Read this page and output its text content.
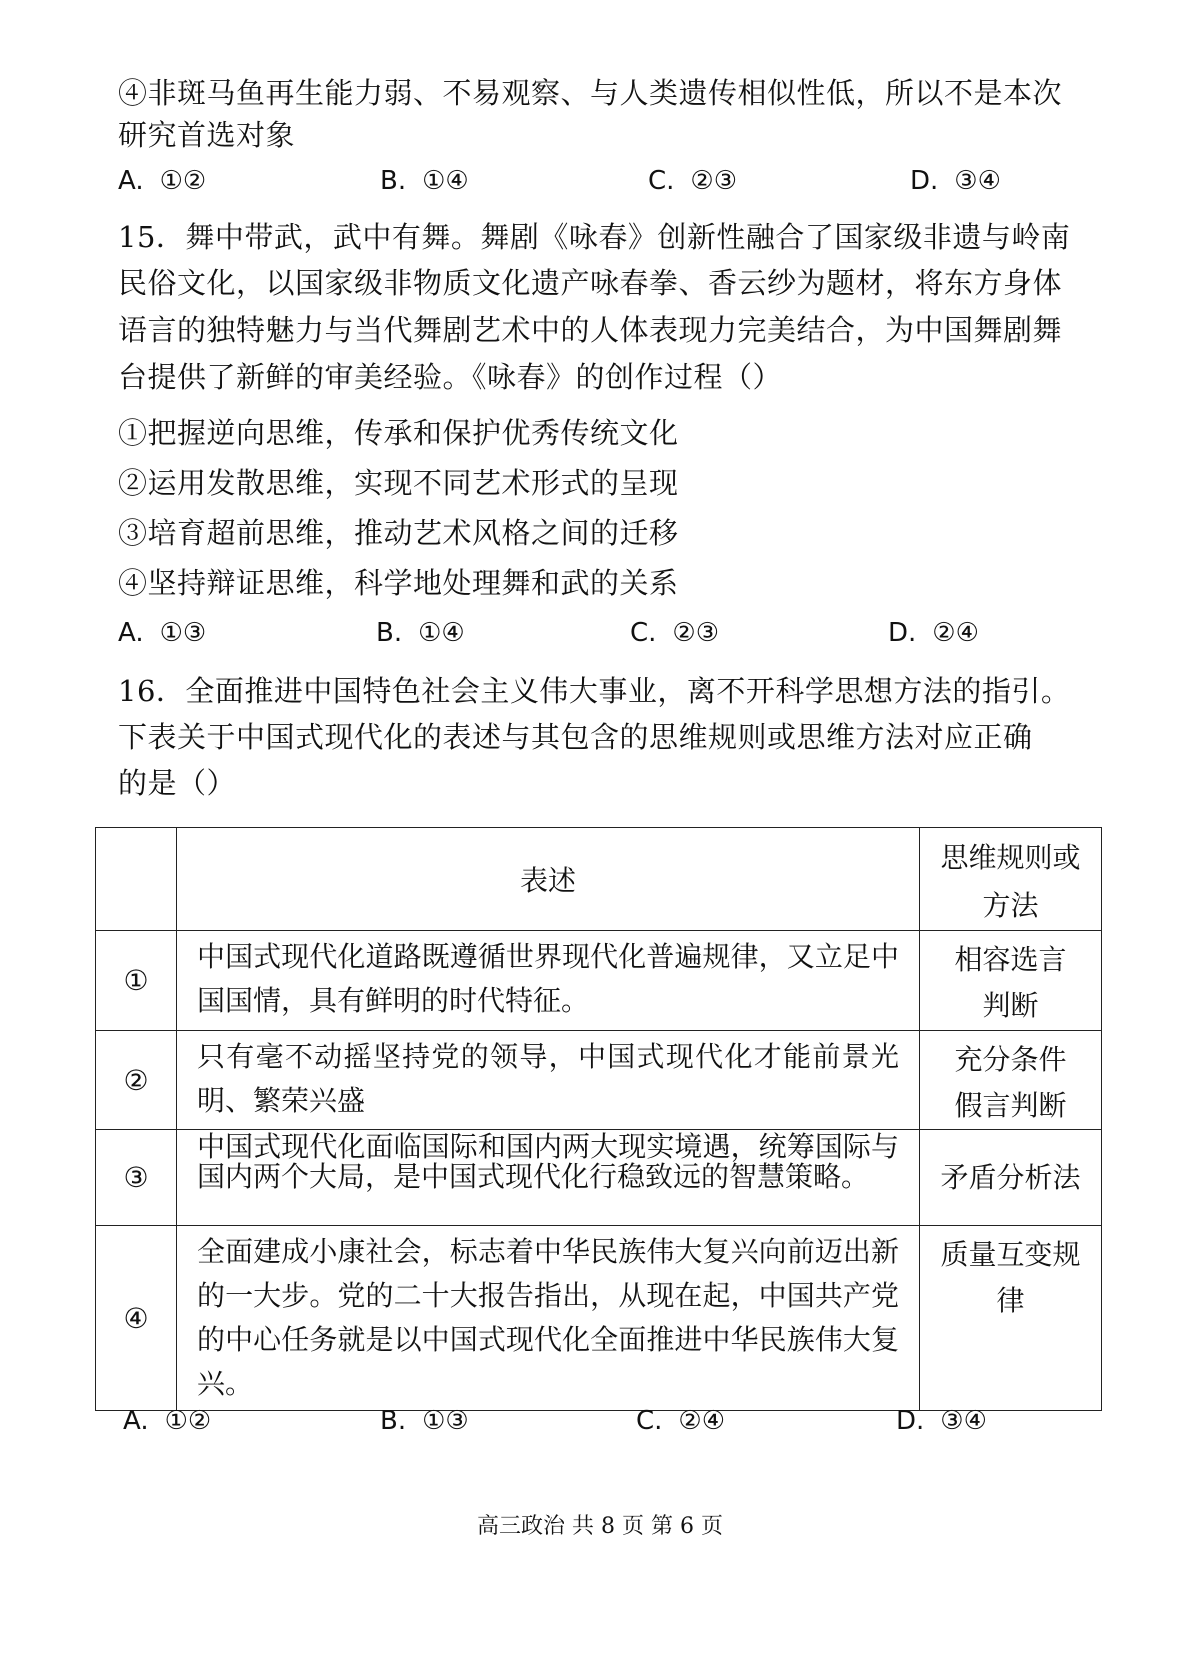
④非斑马鱼再生能力弱、不易观察、与人类遗传相似性低，所以不是本次
研究首选对象
A. ①②	B. ①④	C. ②③	D. ③④
15．舞中带武，武中有舞。舞剧《咏春》创新性融合了国家级非遗与岭南
民俗文化，以国家级非物质文化遗产咏春拳、香云纱为题材，将东方身体
语言的独特魅力与当代舞剧艺术中的人体表现力完美结合，为中国舞剧舞
台提供了新鲜的审美经验。《咏春》的创作过程（）
①把握逆向思维，传承和保护优秀传统文化
②运用发散思维，实现不同艺术形式的呈现
③培育超前思维，推动艺术风格之间的迁移
④坚持辩证思维，科学地处理舞和武的关系
A. ①③	B. ①④	C. ②③	D. ②④
16．全面推进中国特色社会主义伟大事业，离不开科学思想方法的指引。
下表关于中国式现代化的表述与其包含的思维规则或思维方法对应正确
的是（）
	表述	思维规则或
方法

①	中国式现代化道路既遵循世界现代化普遍规律，又立足中国国情，具有鲜明的时代特征。	相容选言
判断

②	只有毫不动摇坚持党的领导，中国式现代化才能前景光明、繁荣兴盛	充分条件
假言判断

③	中国式现代化面临国际和国内两大现实境遇，统筹国际与国内两个大局，是中国式现代化行稳致远的智慧策略。	矛盾分析法

④	全面建成小康社会，标志着中华民族伟大复兴向前迈出新的一大步。党的二十大报告指出，从现在起，中国共产党的中心任务就是以中国式现代化全面推进中华民族伟大复兴。	质量互变规
律
A. ①②	B. ①③	C. ②④	D. ③④
高三政治 共 8 页 第 6 页
